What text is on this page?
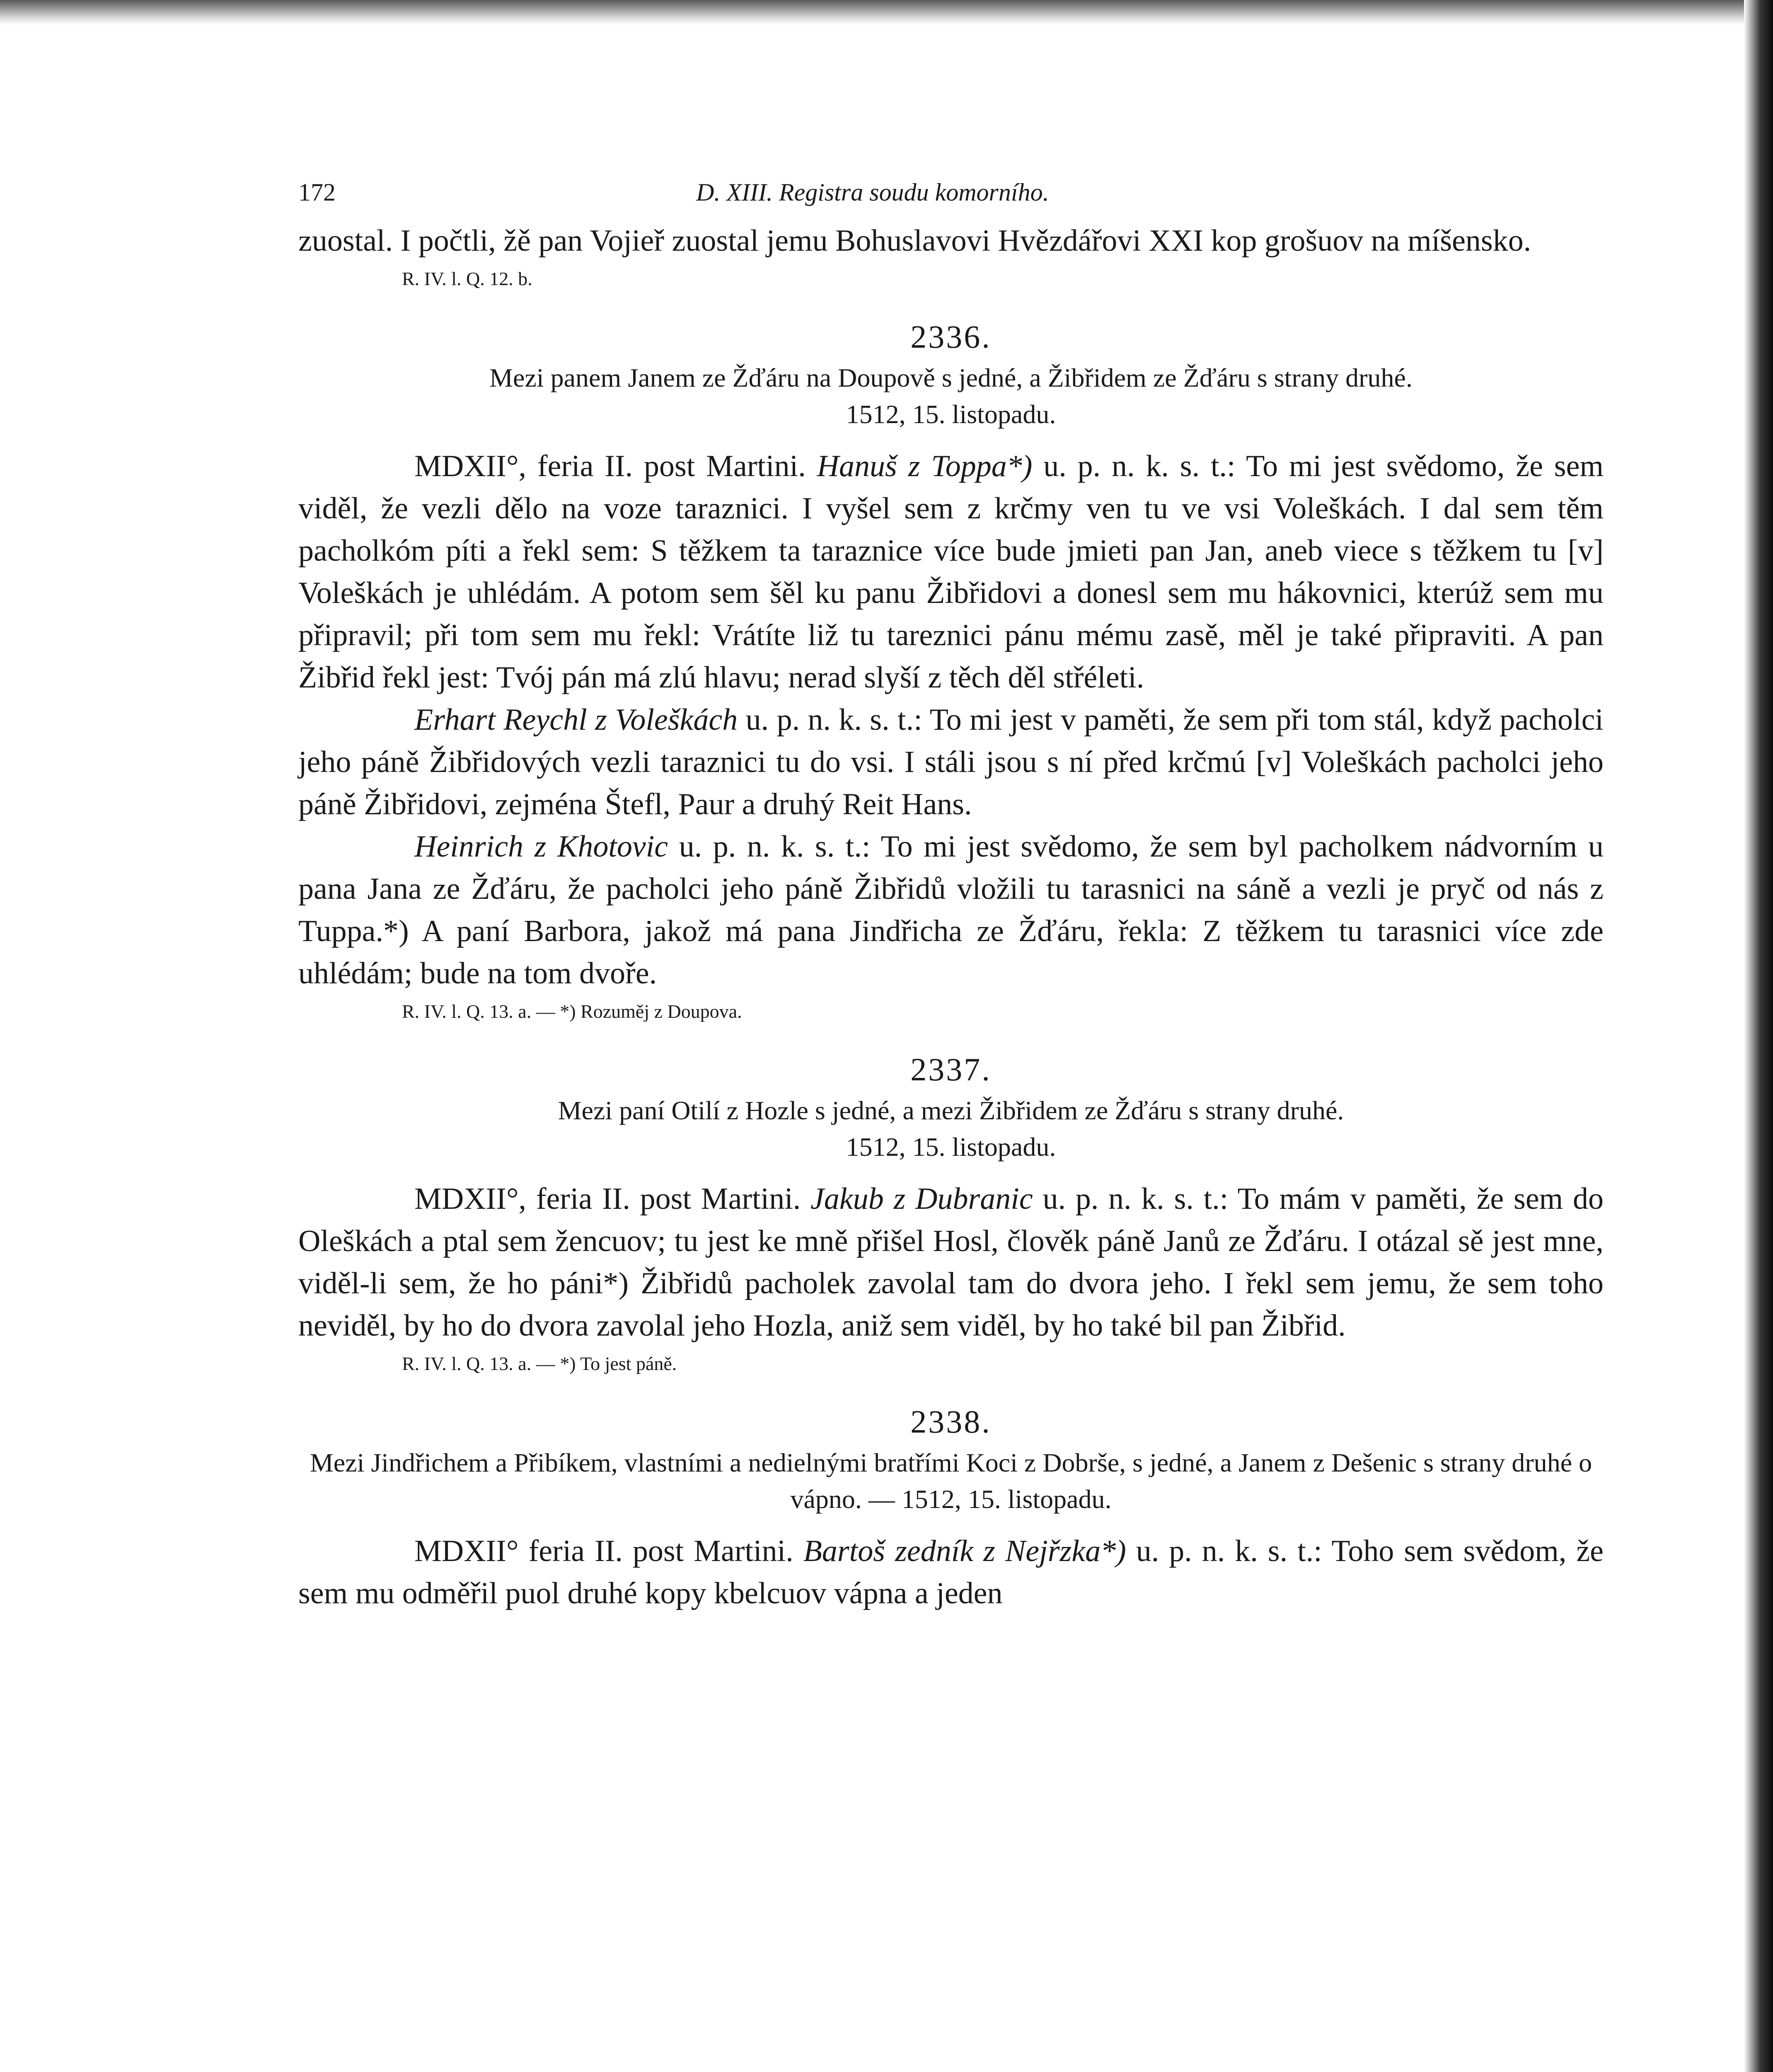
172	D. XIII. Registra soudu komorního.

zuostal. I počtli, žě pan Vojieř zuostal jemu Bohuslavovi Hvězdářovi XXI kop grošuov na míšensko.

R. IV. l. Q. 12. b.
2336.
Mezi panem Janem ze Žďáru na Doupově s jedné, a Žibřidem ze Žďáru s strany druhé.
1512, 15. listopadu.

MDXII°, feria II. post Martini. Hanuš z Toppa*) u. p. n. k. s. t.: To mi jest svědomo, že sem viděl, že vezli dělo na voze taraznici. I vyšel sem z krčmy ven tu ve vsi Voleškách. I dal sem těm pacholkóm píti a řekl sem: S těžkem ta taraznice více bude jmieti pan Jan, aneb viece s těžkem tu [v] Voleškách je uhlédám. A potom sem šěl ku panu Žibřidovi a donesl sem mu hákovnici, kterúž sem mu připravil; při tom sem mu řekl: Vrátíte liž tu tareznici pánu mému zasě, měl je také připraviti. A pan Žibřid řekl jest: Tvój pán má zlú hlavu; nerad slyší z těch děl střéleti.

Erhart Reychl z Voleškách u. p. n. k. s. t.: To mi jest v paměti, že sem při tom stál, když pacholci jeho páně Žibřidových vezli taraznici tu do vsi. I stáli jsou s ní před krčmú [v] Voleškách pacholci jeho páně Žibřidovi, zejména Štefl, Paur a druhý Reit Hans.

Heinrich z Khotovic u. p. n. k. s. t.: To mi jest svědomo, že sem byl pacholkem nádvorním u pana Jana ze Žďáru, že pacholci jeho páně Žibřidů vložili tu tarasnici na sáně a vezli je pryč od nás z Tuppa.*) A paní Barbora, jakož má pana Jindřicha ze Žďáru, řekla: Z těžkem tu tarasnici více zde uhlédám; bude na tom dvoře.

R. IV. l. Q. 13. a. — *) Rozuměj z Doupova.
2337.
Mezi paní Otilí z Hozle s jedné, a mezi Žibřidem ze Žďáru s strany druhé.
1512, 15. listopadu.

MDXII°, feria II. post Martini. Jakub z Dubranic u. p. n. k. s. t.: To mám v paměti, že sem do Oleškách a ptal sem žencuov; tu jest ke mně přišel Hosl, člověk páně Janů ze Žďáru. I otázal sě jest mne, viděl-li sem, že ho páni*) Žibřidů pacholek zavolal tam do dvora jeho. I řekl sem jemu, že sem toho neviděl, by ho do dvora zavolal jeho Hozla, aniž sem viděl, by ho také bil pan Žibřid.

R. IV. l. Q. 13. a. — *) To jest páně.
2338.
Mezi Jindřichem a Přibíkem, vlastními a nedielnými bratřími Koci z Dobrše, s jedné, a Janem z Dešenic s strany druhé o vápno. — 1512, 15. listopadu.

MDXII° feria II. post Martini. Bartoš zedník z Nejřzka*) u. p. n. k. s. t.: Toho sem svědom, že sem mu odměřil puol druhé kopy kbelcuov vápna a jeden
